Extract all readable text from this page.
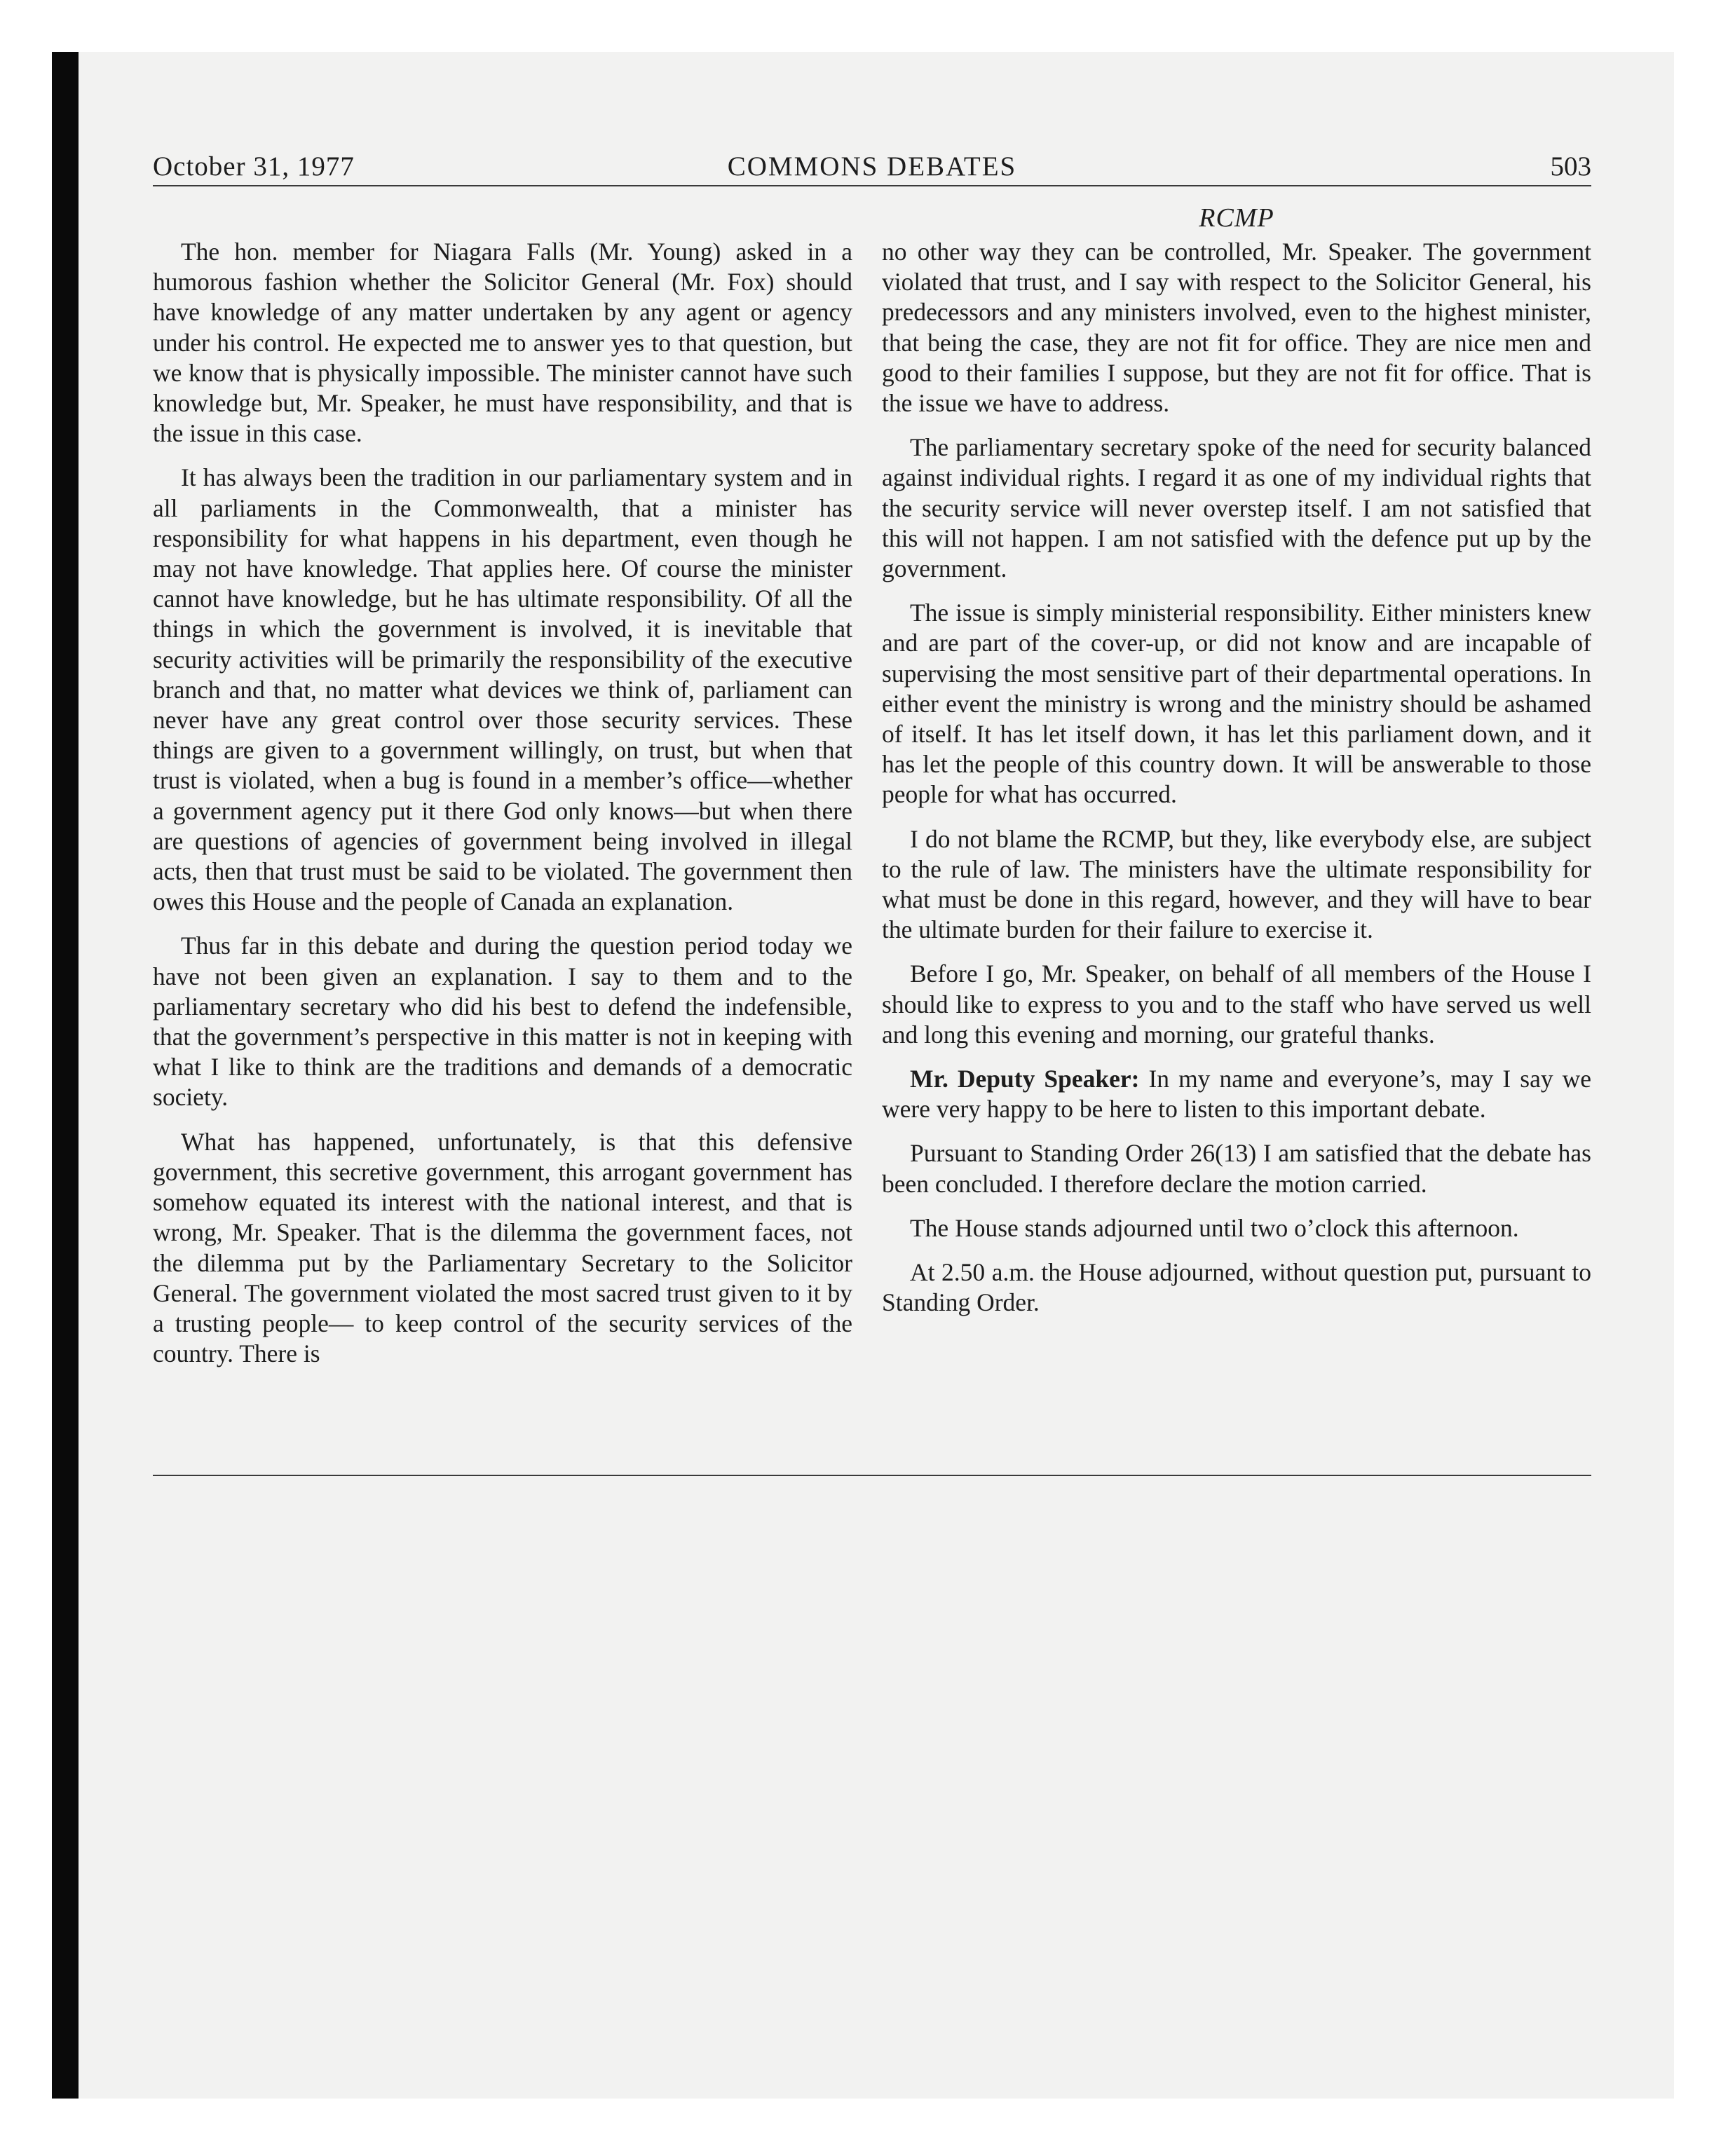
October 31, 1977	COMMONS DEBATES	503
RCMP

The hon. member for Niagara Falls (Mr. Young) asked in a humorous fashion whether the Solicitor General (Mr. Fox) should have knowledge of any matter undertaken by any agent or agency under his control. He expected me to answer yes to that question, but we know that is physically impossible. The minister cannot have such knowledge but, Mr. Speaker, he must have responsibility, and that is the issue in this case.

It has always been the tradition in our parliamentary system and in all parliaments in the Commonwealth, that a minister has responsibility for what happens in his department, even though he may not have knowledge. That applies here. Of course the minister cannot have knowledge, but he has ultimate responsibility. Of all the things in which the government is involved, it is inevitable that security activities will be primarily the responsibility of the executive branch and that, no matter what devices we think of, parliament can never have any great control over those security services. These things are given to a government willingly, on trust, but when that trust is violated, when a bug is found in a member’s office—whether a government agency put it there God only knows—but when there are questions of agencies of government being involved in illegal acts, then that trust must be said to be violated. The government then owes this House and the people of Canada an explanation.

Thus far in this debate and during the question period today we have not been given an explanation. I say to them and to the parliamentary secretary who did his best to defend the indefensible, that the government’s perspective in this matter is not in keeping with what I like to think are the traditions and demands of a democratic society.

What has happened, unfortunately, is that this defensive government, this secretive government, this arrogant government has somehow equated its interest with the national interest, and that is wrong, Mr. Speaker. That is the dilemma the government faces, not the dilemma put by the Parliamentary Secretary to the Solicitor General. The government violated the most sacred trust given to it by a trusting people— to keep control of the security services of the country. There is

no other way they can be controlled, Mr. Speaker. The government violated that trust, and I say with respect to the Solicitor General, his predecessors and any ministers involved, even to the highest minister, that being the case, they are not fit for office. They are nice men and good to their families I suppose, but they are not fit for office. That is the issue we have to address.

The parliamentary secretary spoke of the need for security balanced against individual rights. I regard it as one of my individual rights that the security service will never overstep itself. I am not satisfied that this will not happen. I am not satisfied with the defence put up by the government.

The issue is simply ministerial responsibility. Either ministers knew and are part of the cover-up, or did not know and are incapable of supervising the most sensitive part of their departmental operations. In either event the ministry is wrong and the ministry should be ashamed of itself. It has let itself down, it has let this parliament down, and it has let the people of this country down. It will be answerable to those people for what has occurred.

I do not blame the RCMP, but they, like everybody else, are subject to the rule of law. The ministers have the ultimate responsibility for what must be done in this regard, however, and they will have to bear the ultimate burden for their failure to exercise it.

Before I go, Mr. Speaker, on behalf of all members of the House I should like to express to you and to the staff who have served us well and long this evening and morning, our grateful thanks.

Mr. Deputy Speaker: In my name and everyone’s, may I say we were very happy to be here to listen to this important debate.

Pursuant to Standing Order 26(13) I am satisfied that the debate has been concluded. I therefore declare the motion carried.

The House stands adjourned until two o’clock this afternoon.

At 2.50 a.m. the House adjourned, without question put, pursuant to Standing Order.
